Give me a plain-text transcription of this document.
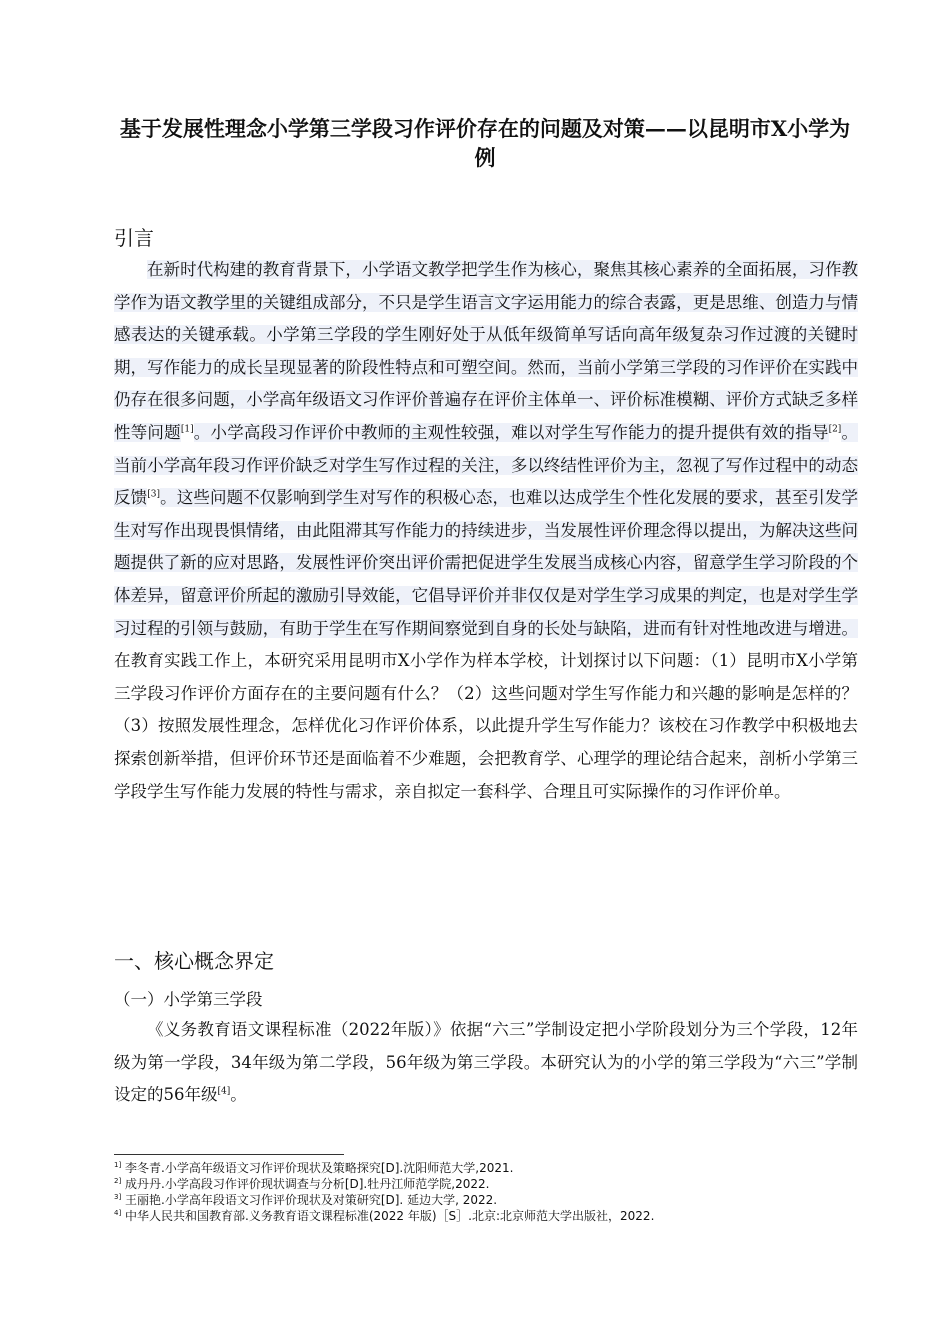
基于发展性理念小学第三学段习作评价存在的问题及对策——以昆明市X小学为例
引言
在新时代构建的教育背景下，小学语文教学把学生作为核心，聚焦其核心素养的全面拓展，习作教学作为语文教学里的关键组成部分，不只是学生语言文字运用能力的综合表露，更是思维、创造力与情感表达的关键承载。小学第三学段的学生刚好处于从低年级简单写话向高年级复杂习作过渡的关键时期，写作能力的成长呈现显著的阶段性特点和可塑空间。然而，当前小学第三学段的习作评价在实践中仍存在很多问题，小学高年级语文习作评价普遍存在评价主体单一、评价标准模糊、评价方式缺乏多样性等问题[1]。小学高段习作评价中教师的主观性较强，难以对学生写作能力的提升提供有效的指导[2]。当前小学高年段习作评价缺乏对学生写作过程的关注，多以终结性评价为主，忽视了写作过程中的动态反馈[3]。这些问题不仅影响到学生对写作的积极心态，也难以达成学生个性化发展的要求，甚至引发学生对写作出现畏惧情绪，由此阻滞其写作能力的持续进步，当发展性评价理念得以提出，为解决这些问题提供了新的应对思路，发展性评价突出评价需把促进学生发展当成核心内容，留意学生学习阶段的个体差异，留意评价所起的激励引导效能，它倡导评价并非仅仅是对学生学习成果的判定，也是对学生学习过程的引领与鼓励，有助于学生在写作期间察觉到自身的长处与缺陷，进而有针对性地改进与增进。在教育实践工作上，本研究采用昆明市X小学作为样本学校，计划探讨以下问题：（1）昆明市X小学第三学段习作评价方面存在的主要问题有什么？（2）这些问题对学生写作能力和兴趣的影响是怎样的？（3）按照发展性理念，怎样优化习作评价体系，以此提升学生写作能力？该校在习作教学中积极地去探索创新举措，但评价环节还是面临着不少难题，会把教育学、心理学的理论结合起来，剖析小学第三学段学生写作能力发展的特性与需求，亲自拟定一套科学、合理且可实际操作的习作评价单。
一、核心概念界定
（一）小学第三学段
《义务教育语文课程标准（2022年版）》依据“六三”学制设定把小学阶段划分为三个学段，12年级为第一学段，34年级为第二学段，56年级为第三学段。本研究认为的小学的第三学段为“六三”学制设定的56年级[4]。
$^{1]}$ 李冬青.小学高年级语文习作评价现状及策略探究[D].沈阳师范大学,2021.
$^{2]}$ 成丹丹.小学高段习作评价现状调查与分析[D].牡丹江师范学院,2022.
$^{3]}$ 王丽艳.小学高年段语文习作评价现状及对策研究[D]. 延边大学, 2022.
$^{4]}$ 中华人民共和国教育部.义务教育语文课程标准(2022 年版)［S］.北京:北京师范大学出版社，2022.
